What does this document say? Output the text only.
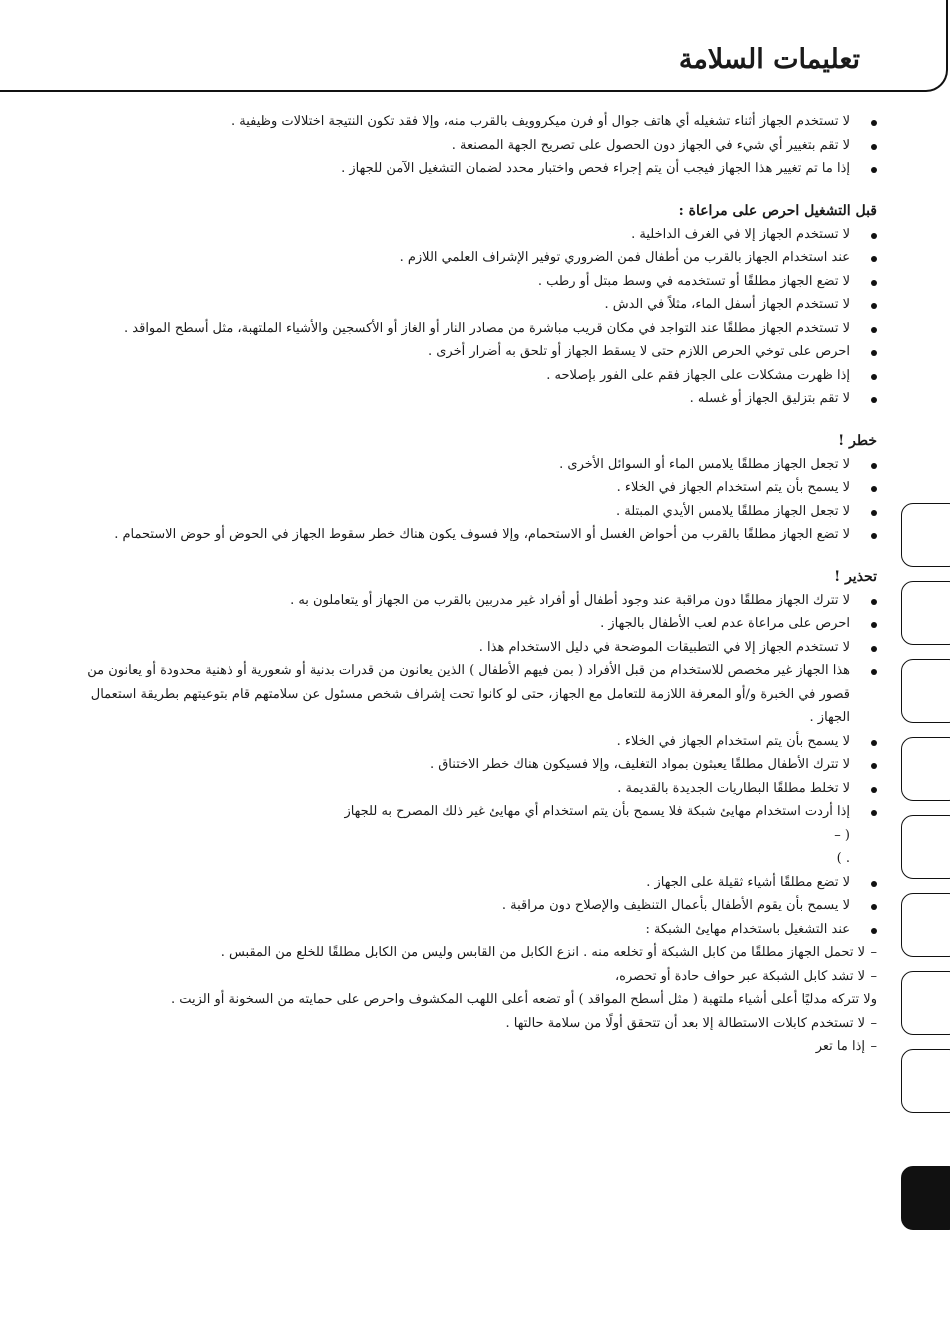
تعليمات السلامة
لا تستخدم الجهاز أثناء تشغيله أي هاتف جوال أو فرن ميكروويف بالقرب منه، وإلا فقد تكون النتيجة اختلالات وظيفية .
لا تقم بتغيير أي شيء في الجهاز دون الحصول على تصريح الجهة المصنعة .
إذا ما تم تغيير هذا الجهاز فيجب أن يتم إجراء فحص واختبار محدد لضمان التشغيل الآمن للجهاز .

قبل التشغيل احرص على مراعاة :

لا تستخدم الجهاز إلا في الغرف الداخلية .
عند استخدام الجهاز بالقرب من أطفال فمن الضروري توفير الإشراف العلمي اللازم .
لا تضع الجهاز مطلقًا أو تستخدمه في وسط مبتل أو رطب .
لا تستخدم الجهاز أسفل الماء، مثلاً في الدش .
لا تستخدم الجهاز مطلقًا عند التواجد في مكان قريب مباشرة من مصادر النار أو الغاز أو الأكسجين والأشياء الملتهبة، مثل أسطح المواقد .
احرص على توخي الحرص اللازم حتى لا يسقط الجهاز أو تلحق به أضرار أخرى .
إذا ظهرت مشكلات على الجهاز فقم على الفور بإصلاحه .
لا تقم بتزليق الجهاز أو غسله .

خطر !

لا تجعل الجهاز مطلقًا يلامس الماء أو السوائل الأخرى .
لا يسمح بأن يتم استخدام الجهاز في الخلاء .
لا تجعل الجهاز مطلقًا يلامس الأيدي المبتلة .
لا تضع الجهاز مطلقًا بالقرب من أحواض الغسل أو الاستحمام، وإلا فسوف يكون هناك خطر سقوط الجهاز في الحوض أو حوض الاستحمام .

تحذير !

لا تترك الجهاز مطلقًا دون مراقبة عند وجود أطفال أو أفراد غير مدربين بالقرب من الجهاز أو يتعاملون به .
احرص على مراعاة عدم لعب الأطفال بالجهاز .
لا تستخدم الجهاز إلا في التطبيقات الموضحة في دليل الاستخدام هذا .
هذا الجهاز غير مخصص للاستخدام من قبل الأفراد ( بمن فيهم الأطفال ) الذين يعانون من قدرات بدنية أو شعورية أو ذهنية محدودة أو يعانون من قصور في الخبرة و/أو المعرفة اللازمة للتعامل مع الجهاز، حتى لو كانوا تحت إشراف شخص مسئول عن سلامتهم قام بتوعيتهم بطريقة استعمال الجهاز .
لا يسمح بأن يتم استخدام الجهاز في الخلاء .
لا تترك الأطفال مطلقًا يعبثون بمواد التغليف، وإلا فسيكون هناك خطر الاختناق .
لا تخلط مطلقًا البطاريات الجديدة بالقديمة .
إذا أردت استخدام مهايئ شبكة فلا يسمح بأن يتم استخدام أي مهايئ غير ذلك المصرح به للجهاز
( –
. )
لا تضع مطلقًا أشياء ثقيلة على الجهاز .
لا يسمح بأن يقوم الأطفال بأعمال التنظيف والإصلاح دون مراقبة .
عند التشغيل باستخدام مهايئ الشبكة :
–لا تحمل الجهاز مطلقًا من كابل الشبكة أو تخلعه منه . انزع الكابل من القابس وليس من الكابل مطلقًا للخلع من المقبس .
–لا تشد كابل الشبكة عبر حواف حادة أو تحصره،
ولا تتركه مدليًا أعلى أشياء ملتهبة ( مثل أسطح المواقد ) أو تضعه أعلى اللهب المكشوف واحرص على حمايته من السخونة أو الزيت .
–لا تستخدم كابلات الاستطالة إلا بعد أن تتحقق أولًا من سلامة حالتها .
–إذا ما تعر
